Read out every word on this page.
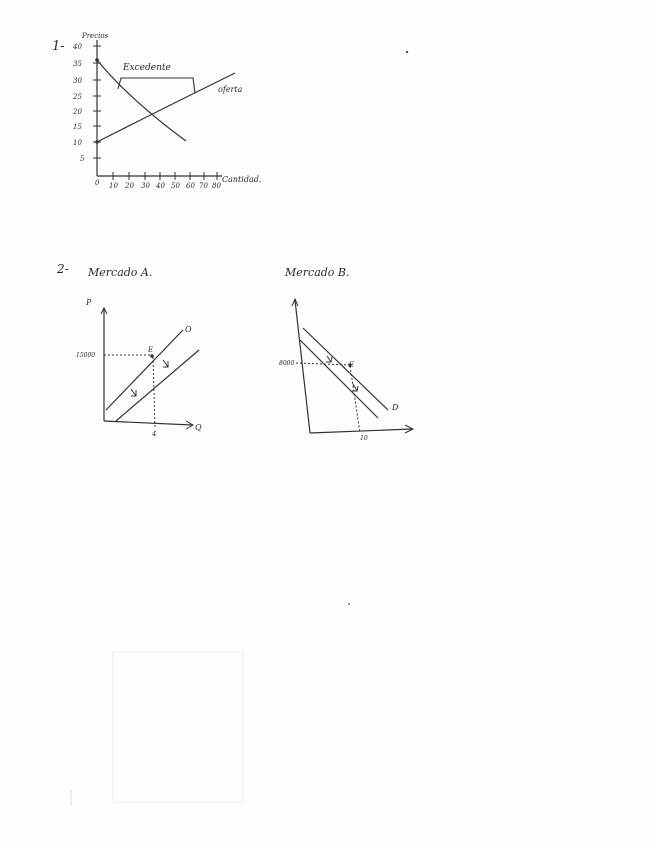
1-
Precios
40
35
30
25
20
15
10
5
0 10 20 30 40 50 60 70 80
Cantidad.
oferta
Excedente
2- Mercado A.	Mercado B.
P
Q
O
15000
4
E
D
8000
10
E
